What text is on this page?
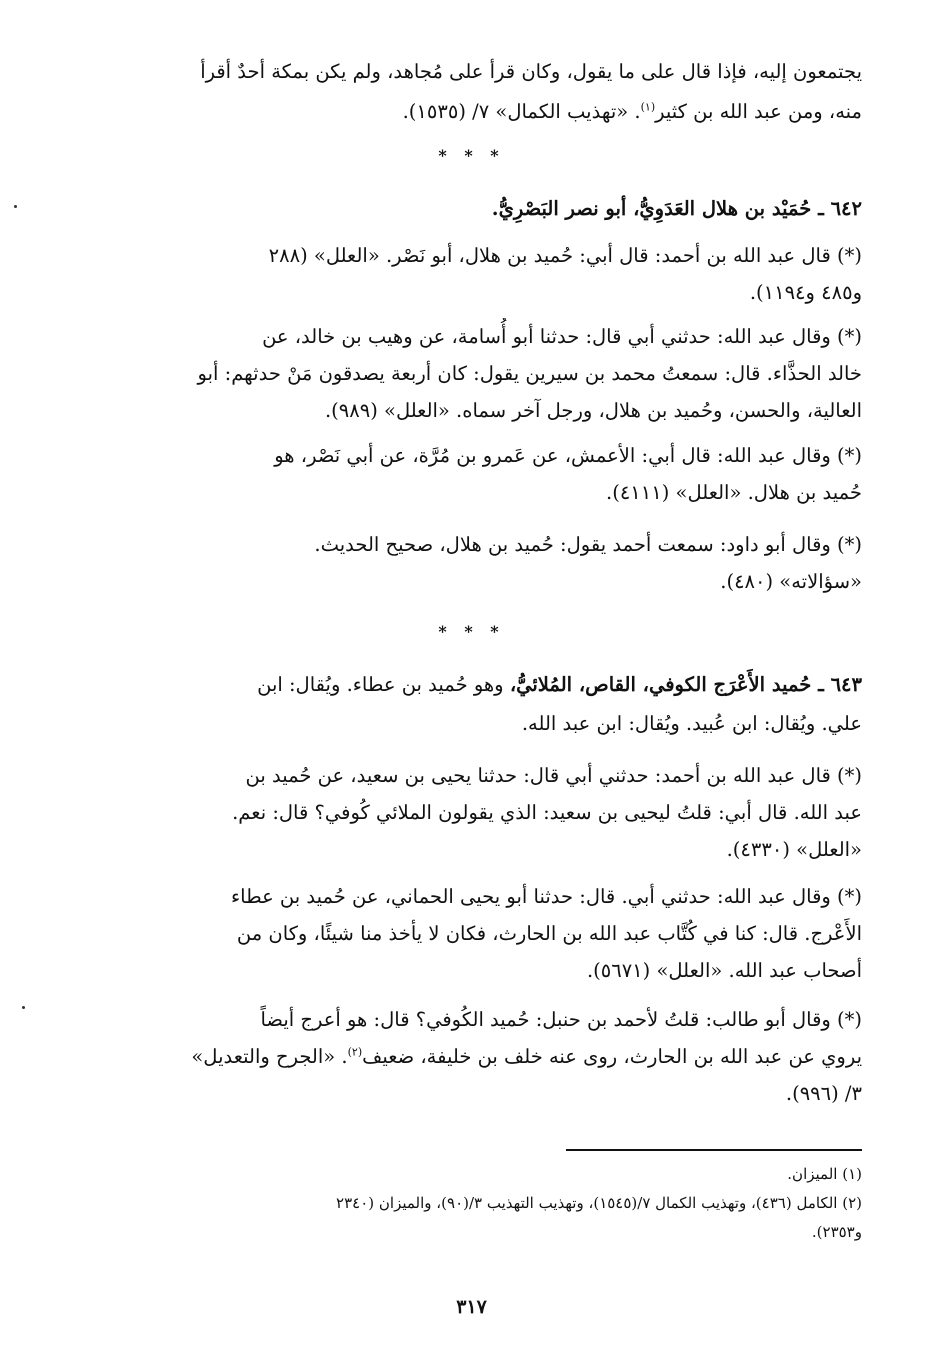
يجتمعون إليه، فإذا قال على ما يقول، وكان قرأ على مُجاهد، ولم يكن بمكة أحدٌ أقرأ
منه، ومن عبد الله بن كثير$^{(١)}$. «تهذيب الكمال» ٧/ (١٥٣٥).
* * *
٦٤٢ ـ حُمَيْد بن هلال العَدَوِيُّ، أبو نصر البَصْرِيُّ.
(*) قال عبد الله بن أحمد: قال أبي: حُميد بن هلال، أبو نَصْر. «العلل» (٢٨٨
و٤٨٥ و١١٩٤).
(*) وقال عبد الله: حدثني أبي قال: حدثنا أبو أُسامة، عن وهيب بن خالد، عن
خالد الحذَّاء. قال: سمعتُ محمد بن سيرين يقول: كان أربعة يصدقون مَنْ حدثهم: أبو
العالية، والحسن، وحُميد بن هلال، ورجل آخر سماه. «العلل» (٩٨٩).
(*) وقال عبد الله: قال أبي: الأعمش، عن عَمرو بن مُرَّة، عن أبي نَصْر، هو
حُميد بن هلال. «العلل» (٤١١١).
(*) وقال أبو داود: سمعت أحمد يقول: حُميد بن هلال، صحيح الحديث.
«سؤالاته» (٤٨٠).
* * *
٦٤٣ ـ حُميد الأَعْرَج الكوفي، القاص، المُلائيُّ، وهو حُميد بن عطاء. ويُقال: ابن
علي. ويُقال: ابن عُبيد. ويُقال: ابن عبد الله.
(*) قال عبد الله بن أحمد: حدثني أبي قال: حدثنا يحيى بن سعيد، عن حُميد بن
عبد الله. قال أبي: قلتُ ليحيى بن سعيد: الذي يقولون الملائي كُوفي؟ قال: نعم.
«العلل» (٤٣٣٠).
(*) وقال عبد الله: حدثني أبي. قال: حدثنا أبو يحيى الحماني، عن حُميد بن عطاء
الأَعْرج. قال: كنا في كُتَّاب عبد الله بن الحارث، فكان لا يأخذ منا شيئًا، وكان من
أصحاب عبد الله. «العلل» (٥٦٧١).
(*) وقال أبو طالب: قلتُ لأحمد بن حنبل: حُميد الكُوفي؟ قال: هو أعرج أيضاً
يروي عن عبد الله بن الحارث، روى عنه خلف بن خليفة، ضعيف$^{(٢)}$. «الجرح والتعديل»
٣/ (٩٩٦).
(١) الميزان.
(٢) الكامل (٤٣٦)، وتهذيب الكمال ٧/(١٥٤٥)، وتهذيب التهذيب ٣/(٩٠)، والميزان (٢٣٤٠
و٢٣٥٣).
٣١٧
